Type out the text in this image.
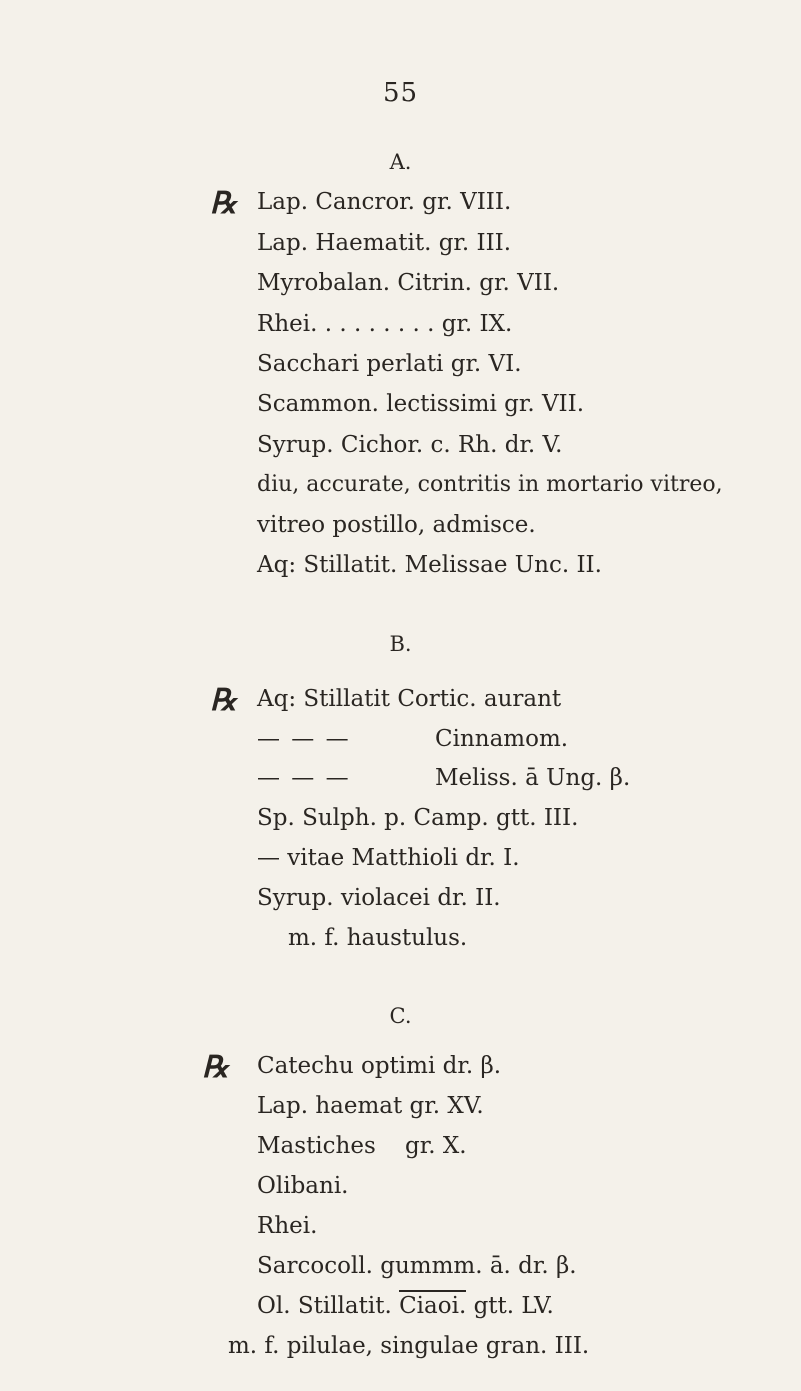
55
A.
℞ Lap. Cancror. gr. VIII.
Lap. Haematit. gr. III.
Myrobalan. Citrin. gr. VII.
Rhei. . . . . . . . . gr. IX.
Sacchari perlati gr. VI.
Scammon. lectissimi gr. VII.
Syrup. Cichor. c. Rh. dr. V.
diu, accurate, contritis in mortario vitreo,
vitreo postillo, admisce.
Aq: Stillatit. Melissae Unc. II.
B.
℞ Aq: Stillatit Cortic. aurant
— — —	Cinnamom.
— — —	Meliss. ā Ung. β.
Sp. Sulph. p. Camp. gtt. III.
— vitae Matthioli dr. I.
Syrup. violacei dr. II.
m. f. haustulus.
C.
℞ Catechu optimi dr. β.
Lap. haemat gr. XV.
Mastiches    gr. X.
Olibani.
Rhei.
Sarcocoll. gummm. ā. dr. β.
Ol. Stillatit. Ciaoi. gtt. LV.
m. f. pilulae, singulae gran. III.
